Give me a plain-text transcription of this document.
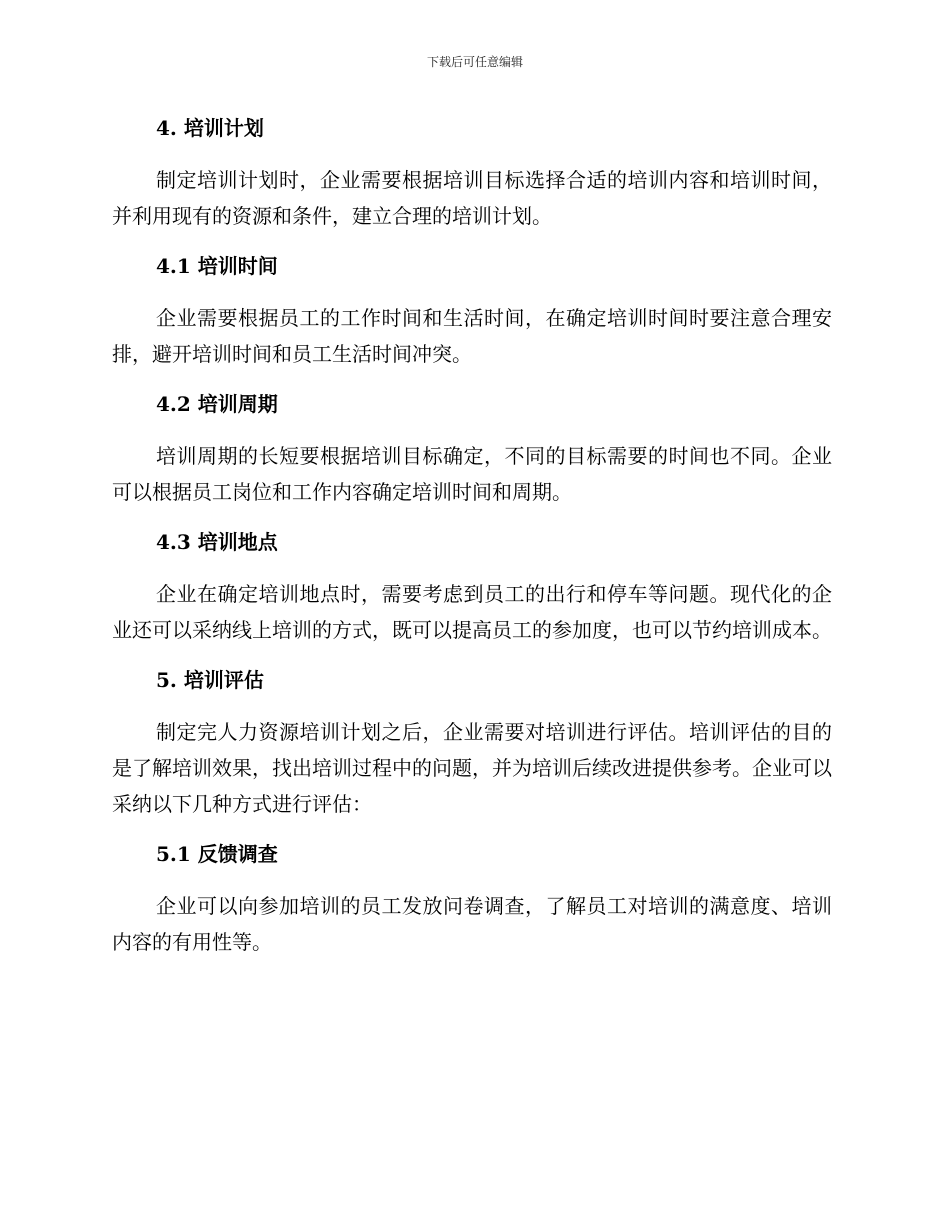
下载后可任意编辑
4. 培训计划

制定培训计划时，企业需要根据培训目标选择合适的培训内容和培训时间，并利用现有的资源和条件，建立合理的培训计划。

4.1 培训时间

企业需要根据员工的工作时间和生活时间，在确定培训时间时要注意合理安排，避开培训时间和员工生活时间冲突。

4.2 培训周期

培训周期的长短要根据培训目标确定，不同的目标需要的时间也不同。企业可以根据员工岗位和工作内容确定培训时间和周期。

4.3 培训地点

企业在确定培训地点时，需要考虑到员工的出行和停车等问题。现代化的企业还可以采纳线上培训的方式，既可以提高员工的参加度，也可以节约培训成本。

5. 培训评估

制定完人力资源培训计划之后，企业需要对培训进行评估。培训评估的目的是了解培训效果，找出培训过程中的问题，并为培训后续改进提供参考。企业可以采纳以下几种方式进行评估：

5.1 反馈调查

企业可以向参加培训的员工发放问卷调查，了解员工对培训的满意度、培训内容的有用性等。
